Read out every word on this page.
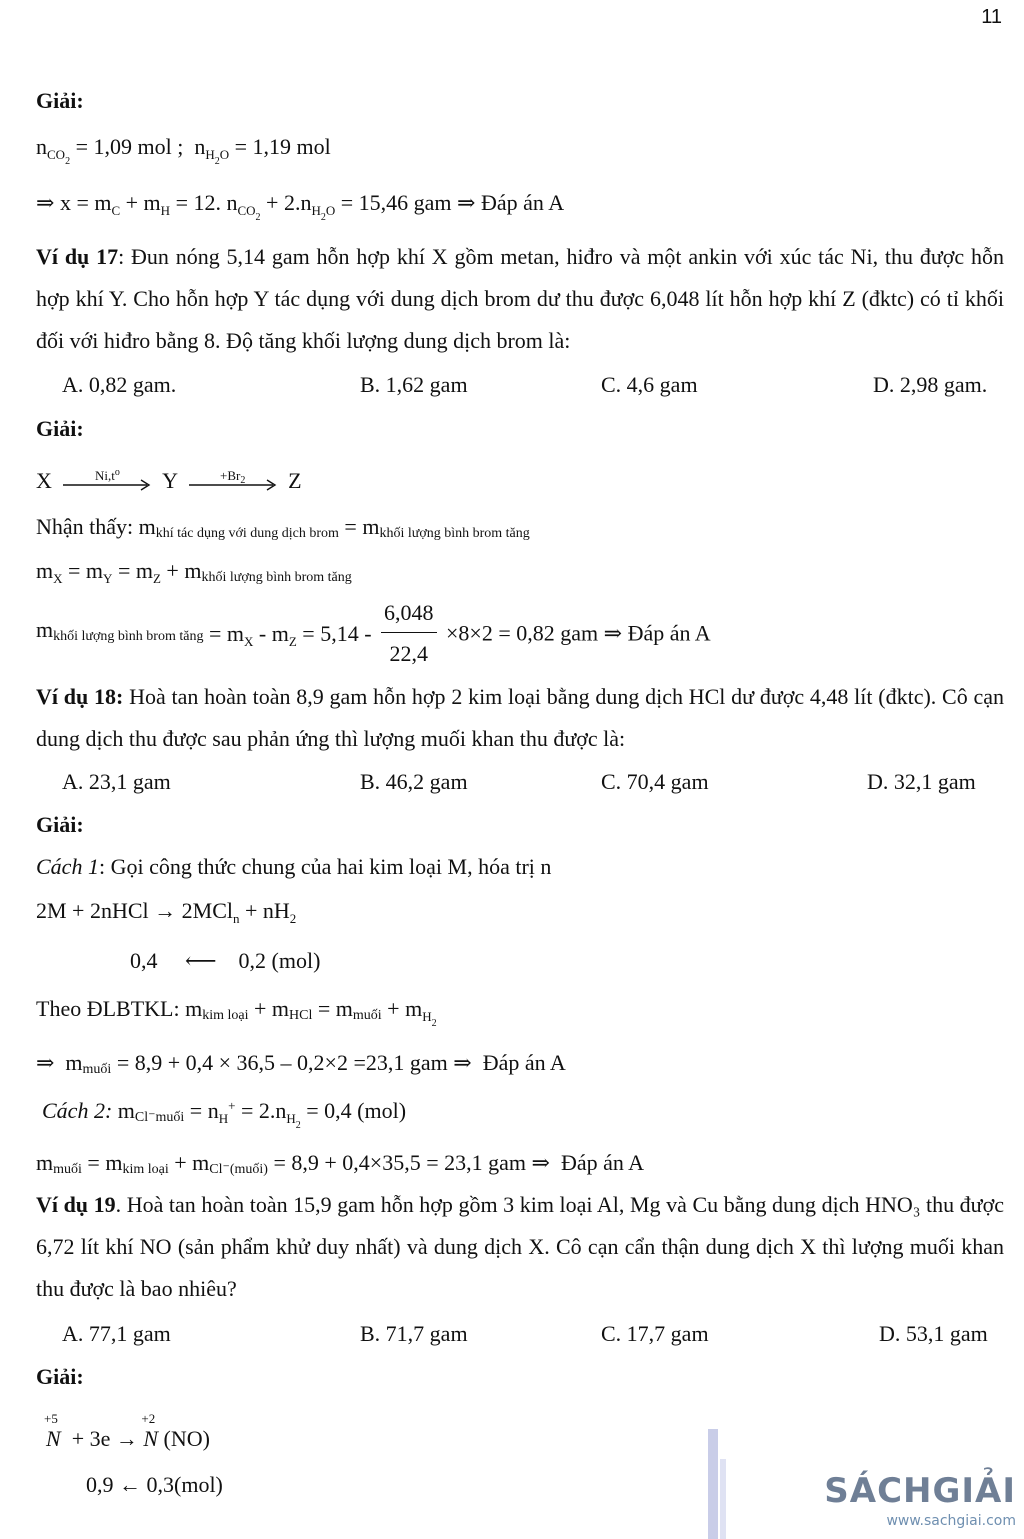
11
Giải:
$n_{CO_2} = 1,09$ mol ;  $n_{H_2O} = 1,19$ mol
⇒ $x = m_C + m_H = 12$. $n_{CO_2} + 2.n_{H_2O} = 15,46$ gam ⇒ Đáp án A
Ví dụ 17: Đun nóng 5,14 gam hỗn hợp khí X gồm metan, hiđro và một ankin với xúc tác Ni, thu được hỗn hợp khí Y. Cho hỗn hợp Y tác dụng với dung dịch brom dư thu được 6,048 lít hỗn hợp khí Z (đktc) có tỉ khối đối với hiđro bằng 8. Độ tăng khối lượng dung dịch brom là:
A. 0,82 gam.	B. 1,62 gam	C. 4,6 gam	D. 2,98 gam.
Giải:
X	$Ni,t^o$	Y	$+Br_2$	Z
Nhận thấy: mkhí tác dụng với dung dịch brom = mkhối lượng bình brom tăng
$m_X = m_Y = m_Z$ + mkhối lượng bình brom tăng
mkhối lượng bình brom tăng = $m_X - m_Z = 5,14 - \frac{6,048}{22,4} \times 8\times 2 = 0,82$ gam ⇒ Đáp án A
Ví dụ 18: Hoà tan hoàn toàn 8,9 gam hỗn hợp 2 kim loại bằng dung dịch HCl dư được 4,48 lít (đktc). Cô cạn dung dịch thu được sau phản ứng thì lượng muối khan thu được là:
A. 23,1 gam	B. 46,2 gam	C. 70,4 gam	D. 32,1 gam
Giải:
Cách 1: Gọi công thức chung của hai kim loại M, hóa trị n
2M + 2nHCl → $2MCl_n + nH_2$
0,4 ⟵ 0,2 (mol)
Theo ĐLBTKL: mkim loại + mHCl = mmuối + $m_{H_2}$
⇒  mmuối = 8,9 + 0,4 × 36,5 – 0,2×2 =23,1 gam ⇒  Đáp án A
Cách 2: mCl⁻muối = $n_H^+ = 2.n_{H_2} = 0,4$ (mol)
mmuối = mkim loại + mCl⁻(muối) = 8,9 + 0,4×35,5 = 23,1 gam ⇒  Đáp án A
Ví dụ 19. Hoà tan hoàn toàn 15,9 gam hỗn hợp gồm 3 kim loại Al, Mg và Cu bằng dung dịch HNO₃ thu được 6,72 lít khí NO (sản phẩm khử duy nhất) và dung dịch X. Cô cạn cẩn thận dung dịch X thì lượng muối khan thu được là bao nhiêu?
A. 77,1 gam	B. 71,7 gam	C. 17,7 gam	D. 53,1 gam
Giải:
+5
N + 3e →
+2
N (NO)
0,9 ← 0,3(mol)	SÁCHGIẢI
www.sachgiai.com
